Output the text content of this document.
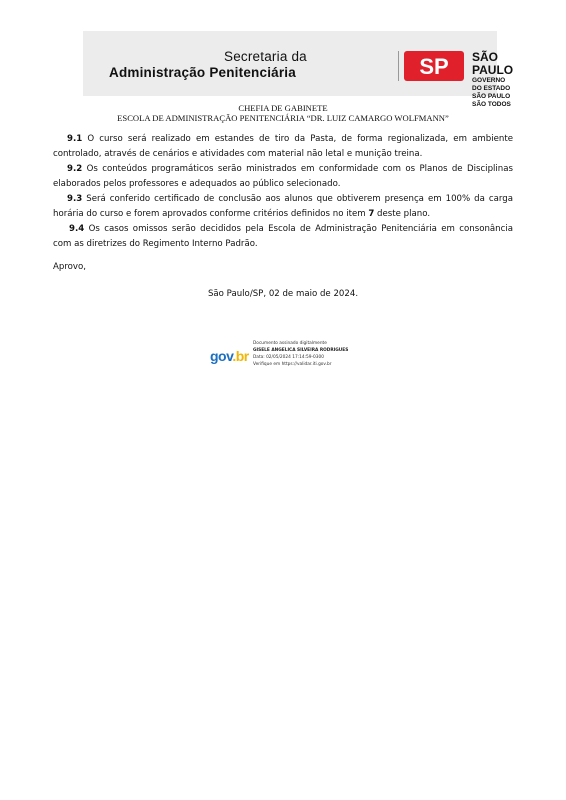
Secretaria da
Administração Penitenciária	SP SÃO PAULO
GOVERNO DO ESTADO
SÃO PAULO SÃO TODOS
CHEFIA DE GABINETE
ESCOLA DE ADMINISTRAÇÃO PENITENCIÁRIA “DR. LUIZ CAMARGO WOLFMANN”
9.1 O curso será realizado em estandes de tiro da Pasta, de forma regionalizada, em ambiente controlado, através de cenários e atividades com material não letal e munição treina.
9.2 Os conteúdos programáticos serão ministrados em conformidade com os Planos de Disciplinas elaborados pelos professores e adequados ao público selecionado.
9.3 Será conferido certificado de conclusão aos alunos que obtiverem presença em 100% da carga horária do curso e forem aprovados conforme critérios definidos no item 7 deste plano.
9.4 Os casos omissos serão decididos pela Escola de Administração Penitenciária em consonância com as diretrizes do Regimento Interno Padrão.
Aprovo,
São Paulo/SP, 02 de maio de 2024.
gov.br
Documento assinado digitalmente
GISELE ANGELICA SILVEIRA RODRIGUES
Data: 02/05/2024 17:14:59-0300
Verifique em https://validar.iti.gov.br
